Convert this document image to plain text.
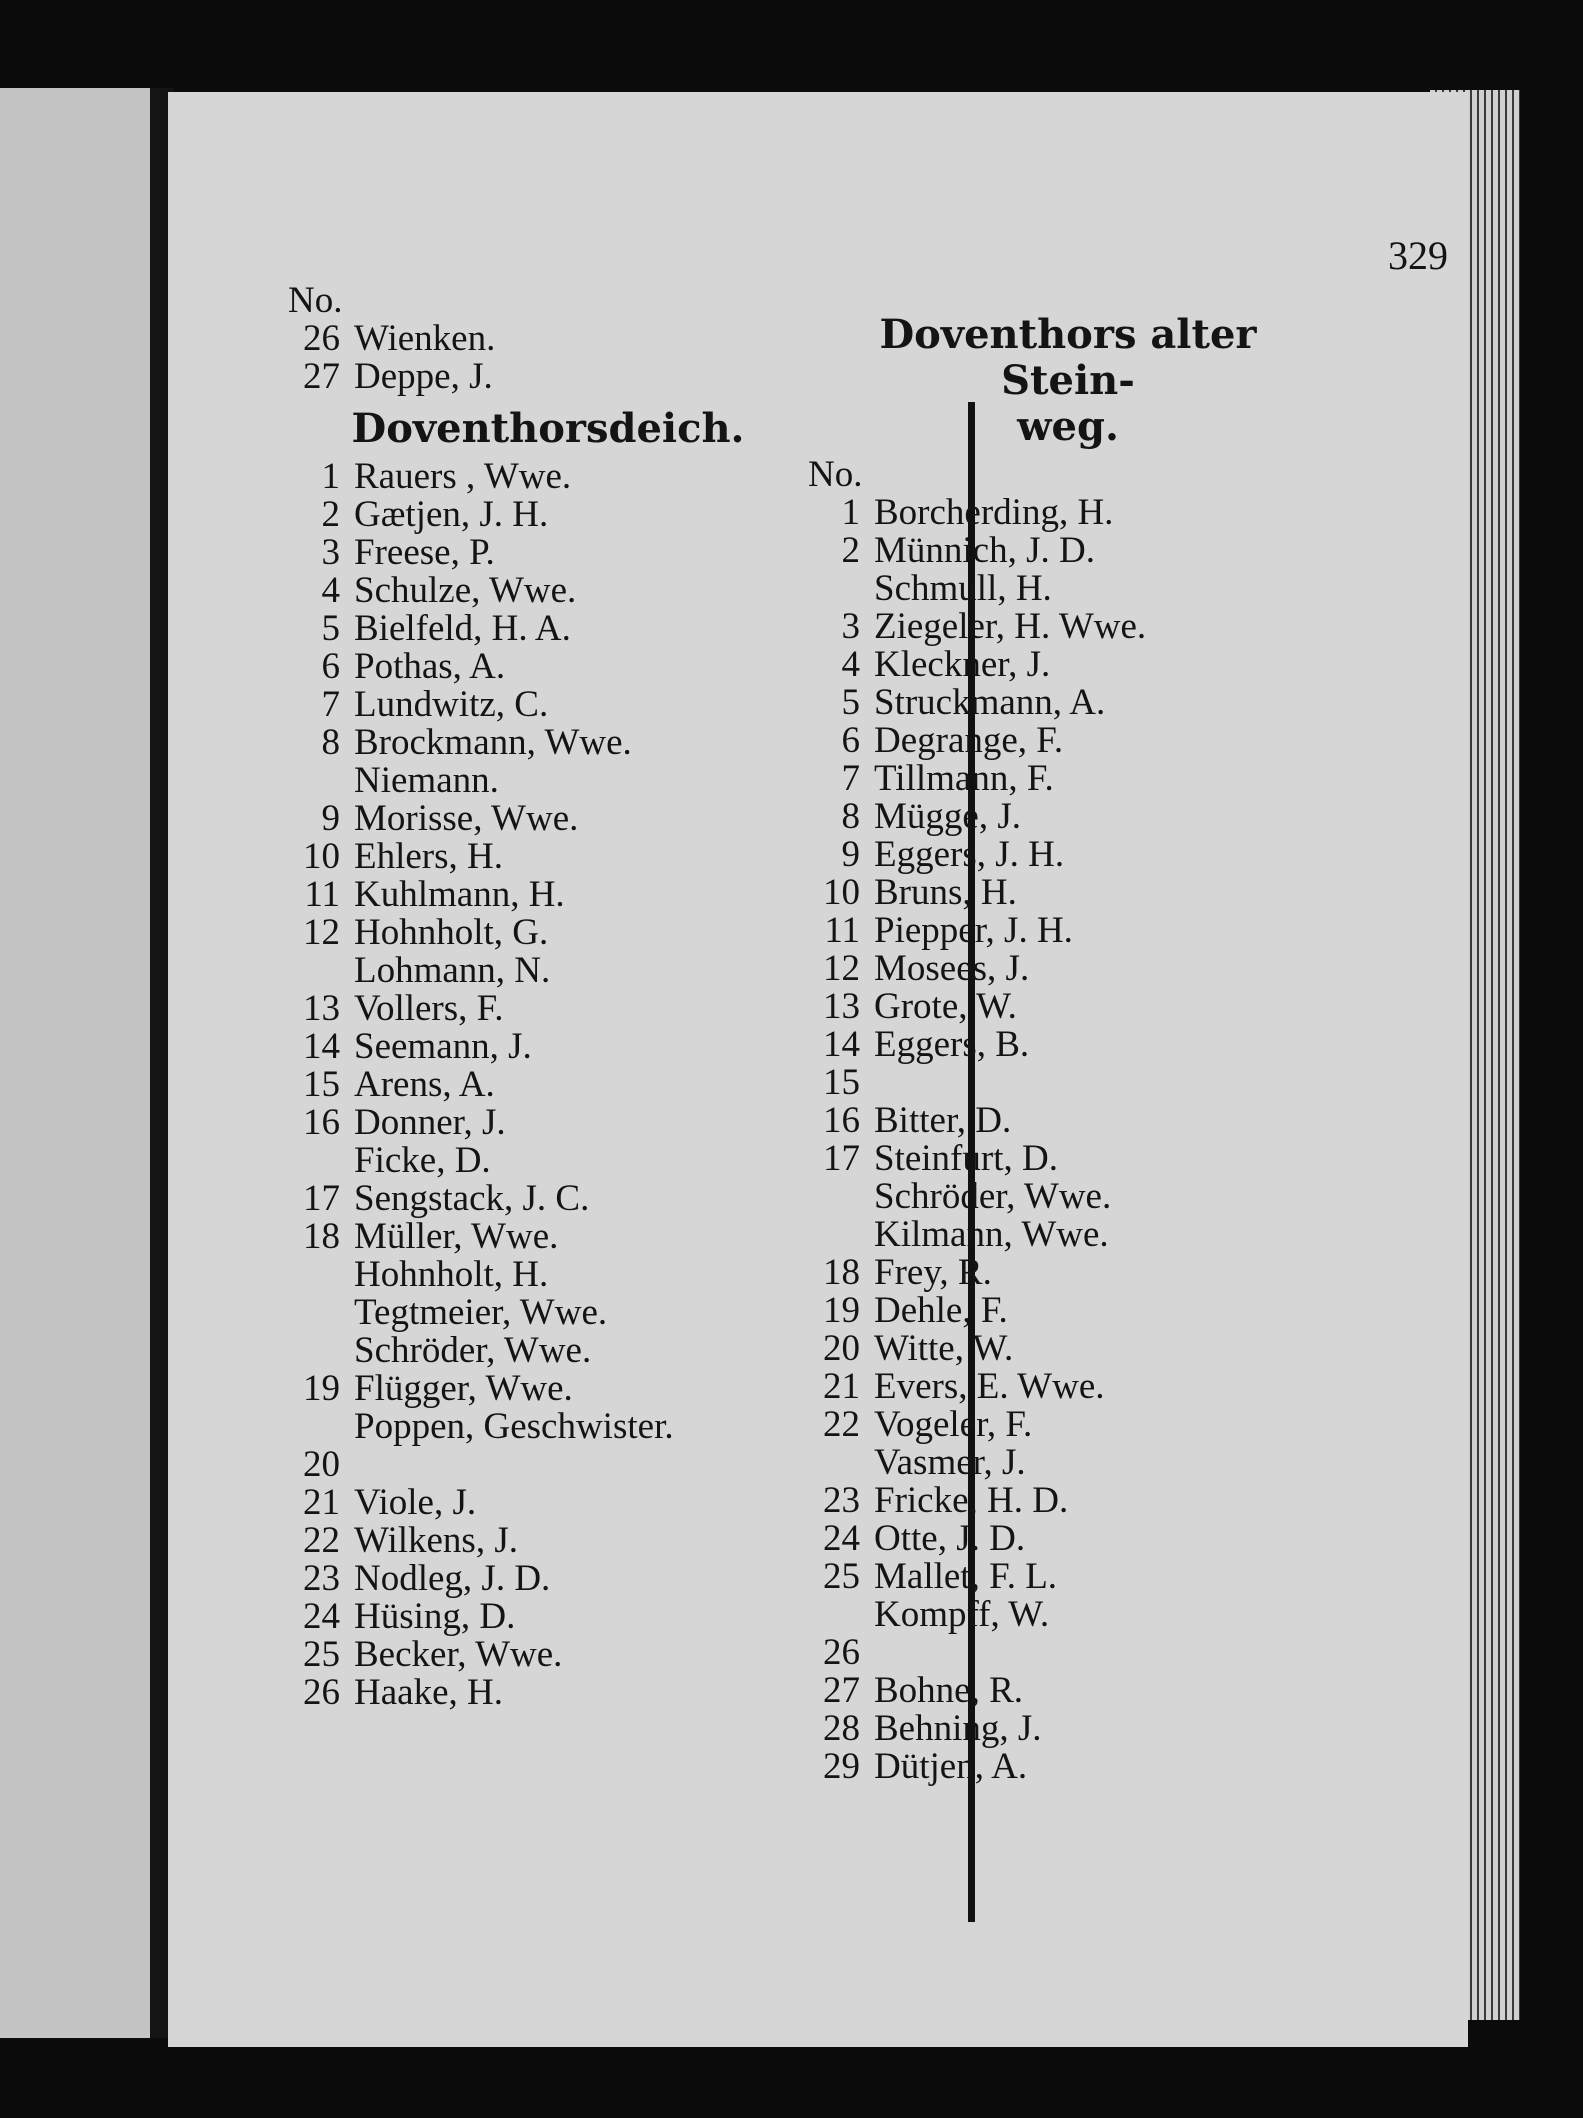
329
No.
26 Wienken.
27 Deppe, J.
Doventhorsdeich.
1 Rauers , Wwe.
2 Gætjen, J. H.
3 Freese, P.
4 Schulze, Wwe.
5 Bielfeld, H. A.
6 Pothas, A.
7 Lundwitz, C.
8 Brockmann, Wwe.
Niemann.
9 Morisse, Wwe.
10 Ehlers, H.
11 Kuhlmann, H.
12 Hohnholt, G.
Lohmann, N.
13 Vollers, F.
14 Seemann, J.
15 Arens, A.
16 Donner, J.
Ficke, D.
17 Sengstack, J. C.
18 Müller, Wwe.
Hohnholt, H.
Tegtmeier, Wwe.
Schröder, Wwe.
19 Flügger, Wwe.
Poppen, Geschwister.
20
21 Viole, J.
22 Wilkens, J.
23 Nodleg, J. D.
24 Hüsing, D.
25 Becker, Wwe.
26 Haake, H.
Doventhors alter Stein-
weg.
No.
1 Borcherding, H.
2 Münnich, J. D.
Schmull, H.
3 Ziegeler, H. Wwe.
4 Kleckner, J.
5 Struckmann, A.
6 Degrange, F.
7 Tillmann, F.
8 Mügge, J.
9 Eggers, J. H.
10 Bruns, H.
11 Piepper, J. H.
12 Mosees, J.
13 Grote, W.
14 Eggers, B.
15
16 Bitter, D.
17 Steinfurt, D.
Schröder, Wwe.
Kilmann, Wwe.
18 Frey, R.
19 Dehle, F.
20 Witte, W.
21 Evers, E. Wwe.
22 Vogeler, F.
Vasmer, J.
23 Fricke, H. D.
24 Otte, J. D.
25 Mallet, F. L.
Kompff, W.
26
27 Bohne, R.
28 Behning, J.
29 Dütjen, A.
